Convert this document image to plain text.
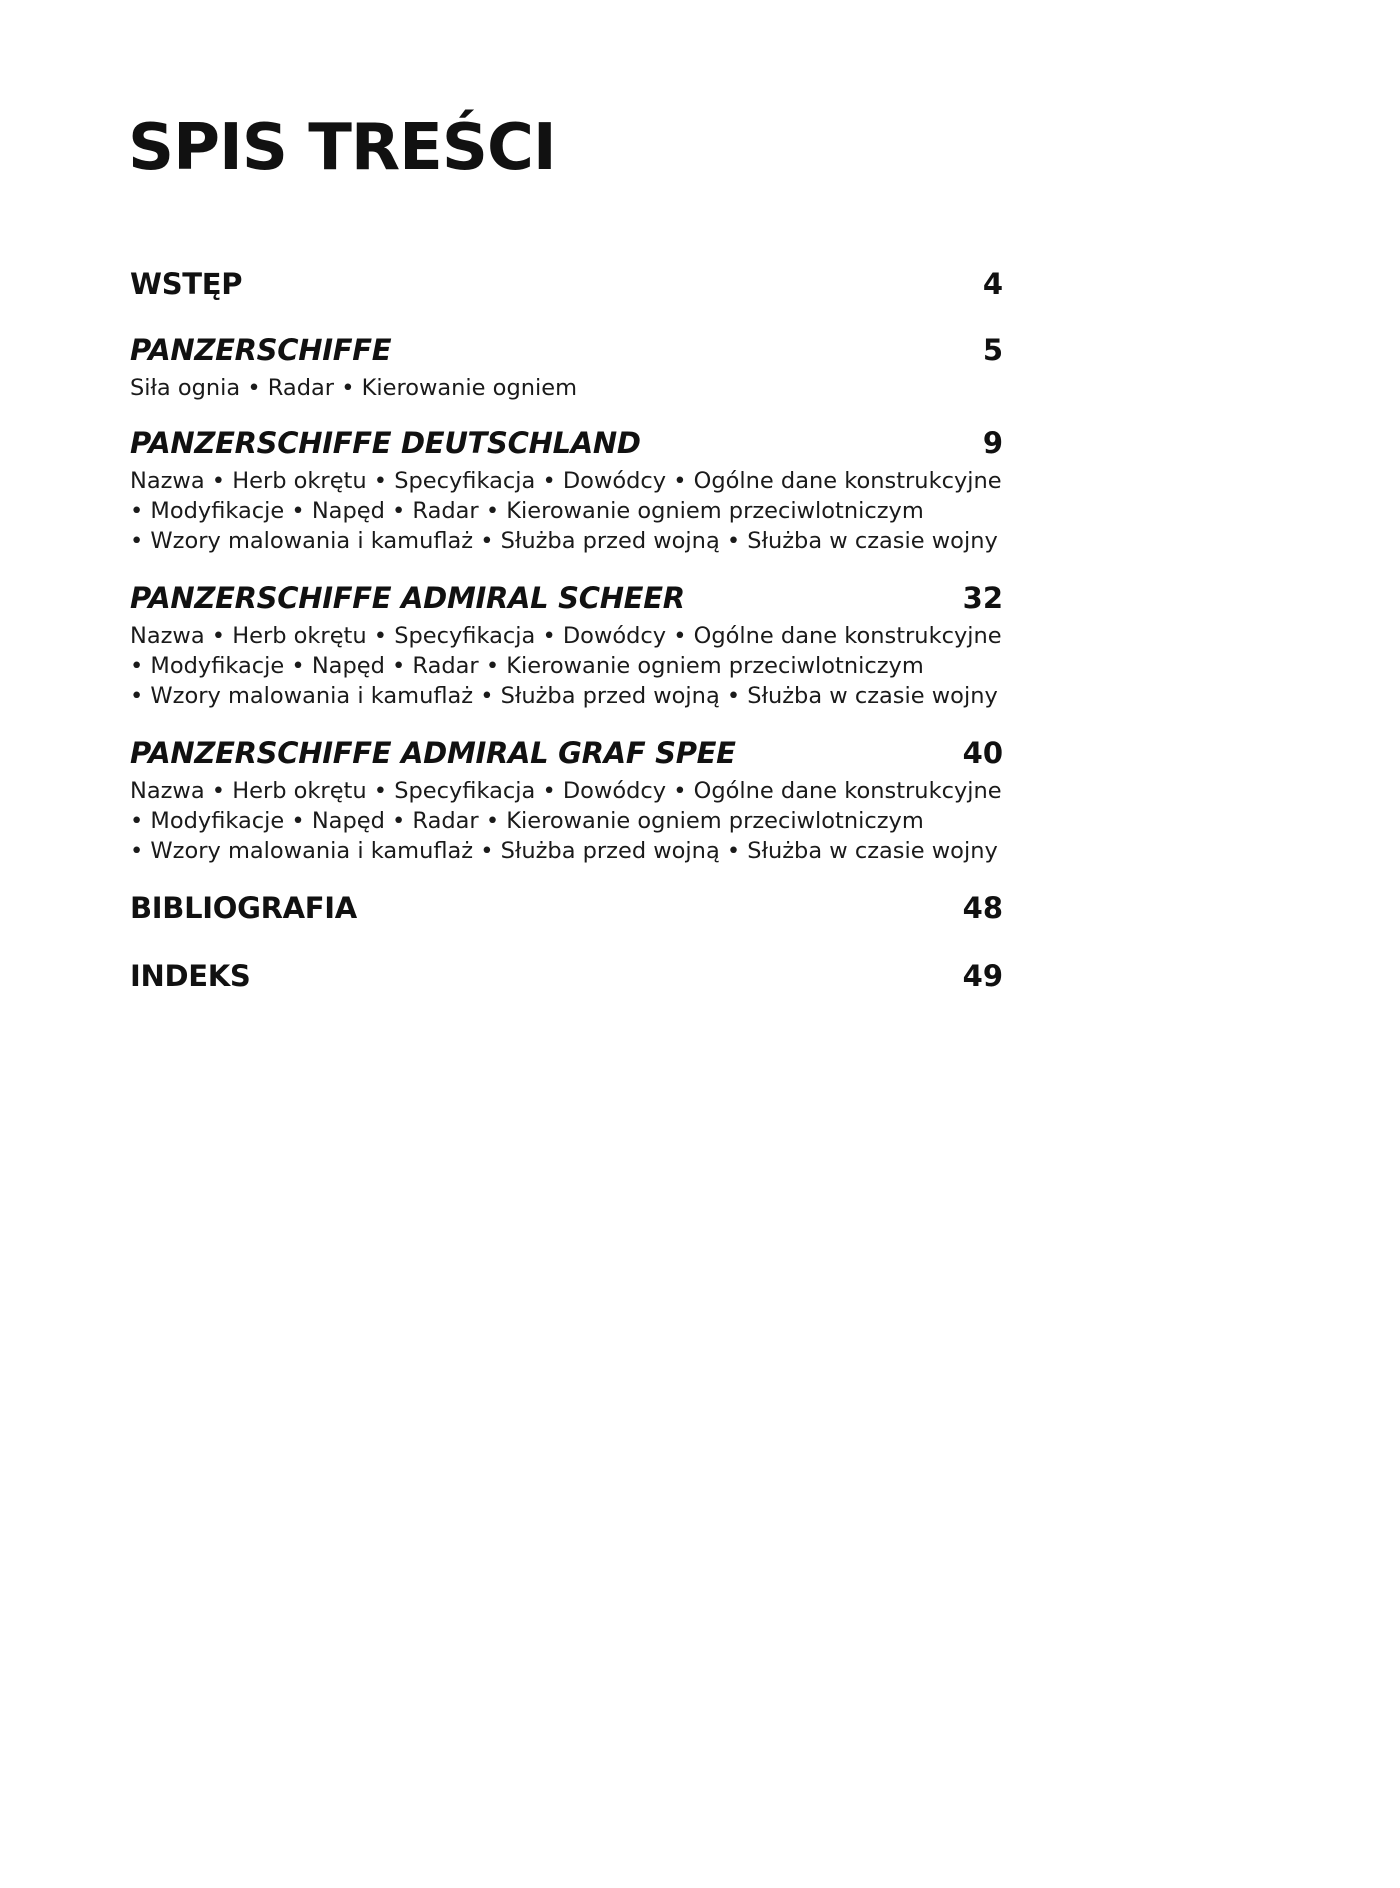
SPIS TREŚCI
WSTĘP	4
PANZERSCHIFFE	5
Siła ognia • Radar • Kierowanie ogniem
PANZERSCHIFFE DEUTSCHLAND	9
Nazwa • Herb okrętu • Specyfikacja • Dowódcy • Ogólne dane konstrukcyjne
• Modyfikacje • Napęd • Radar • Kierowanie ogniem przeciwlotniczym
• Wzory malowania i kamuflaż • Służba przed wojną • Służba w czasie wojny
PANZERSCHIFFE ADMIRAL SCHEER	32
Nazwa • Herb okrętu • Specyfikacja • Dowódcy • Ogólne dane konstrukcyjne
• Modyfikacje • Napęd • Radar • Kierowanie ogniem przeciwlotniczym
• Wzory malowania i kamuflaż • Służba przed wojną • Służba w czasie wojny
PANZERSCHIFFE ADMIRAL GRAF SPEE	40
Nazwa • Herb okrętu • Specyfikacja • Dowódcy • Ogólne dane konstrukcyjne
• Modyfikacje • Napęd • Radar • Kierowanie ogniem przeciwlotniczym
• Wzory malowania i kamuflaż • Służba przed wojną • Służba w czasie wojny
BIBLIOGRAFIA	48
INDEKS	49
